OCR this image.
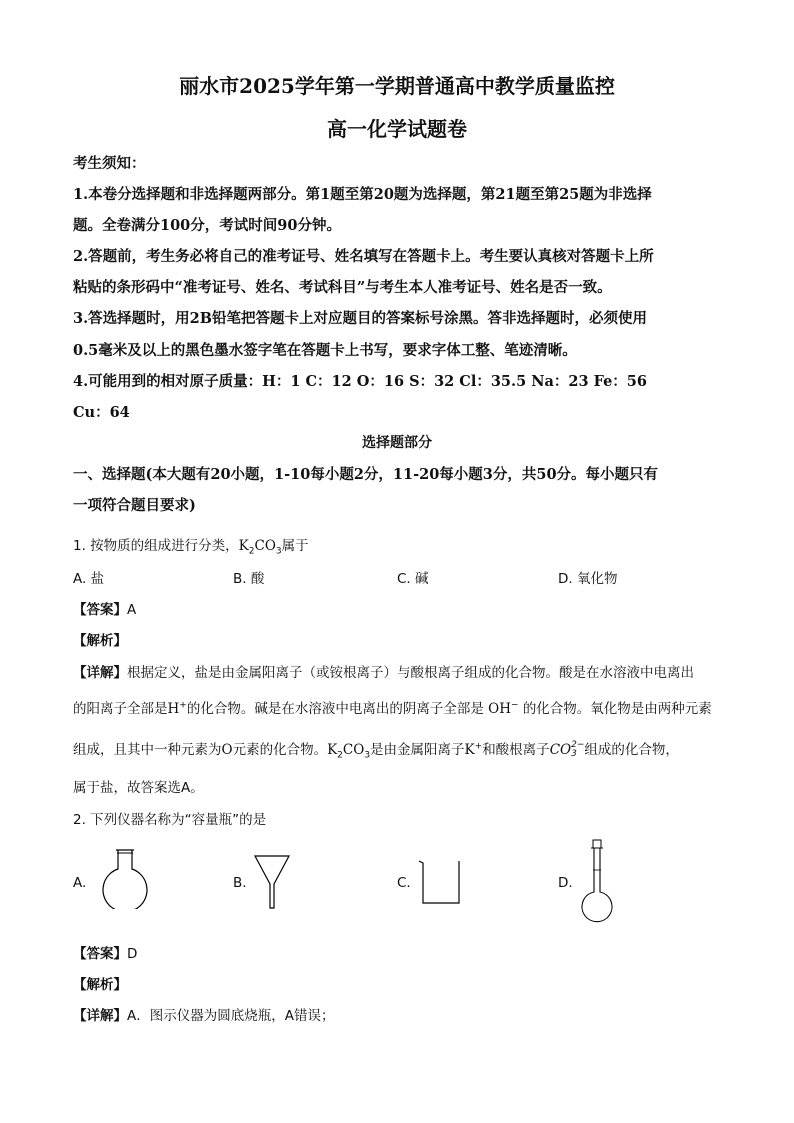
丽水市2025学年第一学期普通高中教学质量监控
高一化学试题卷
考生须知：
1.本卷分选择题和非选择题两部分。第1题至第20题为选择题，第21题至第25题为非选择
题。全卷满分100分，考试时间90分钟。
2.答题前，考生务必将自己的准考证号、姓名填写在答题卡上。考生要认真核对答题卡上所
粘贴的条形码中“准考证号、姓名、考试科目”与考生本人准考证号、姓名是否一致。
3.答选择题时，用2B铅笔把答题卡上对应题目的答案标号涂黑。答非选择题时，必须使用
0.5毫米及以上的黑色墨水签字笔在答题卡上书写，要求字体工整、笔迹清晰。
4.可能用到的相对原子质量：H：1 C：12 O：16 S：32 Cl：35.5 Na：23 Fe：56
Cu：64
选择题部分
一、选择题(本大题有20小题，1-10每小题2分，11-20每小题3分，共50分。每小题只有
一项符合题目要求)
1. 按物质的组成进行分类，$K_2CO_3$属于
A. 盐	B. 酸	C. 碱	D. 氧化物
【答案】A
【解析】
【详解】根据定义，盐是由金属阳离子（或铵根离子）与酸根离子组成的化合物。酸是在水溶液中电离出
的阳离子全部是H+的化合物。碱是在水溶液中电离出的阴离子全部是 OH− 的化合物。氧化物是由两种元素
组成，且其中一种元素为O元素的化合物。$K_2CO_3$是由金属阳离子K+和酸根离子CO 2−
3 组成的化合物，
属于盐，故答案选A。
2. 下列仪器名称为“容量瓶”的是
A.	B.	C.	D.
【答案】D
【解析】
【详解】A．图示仪器为圆底烧瓶，A错误；
